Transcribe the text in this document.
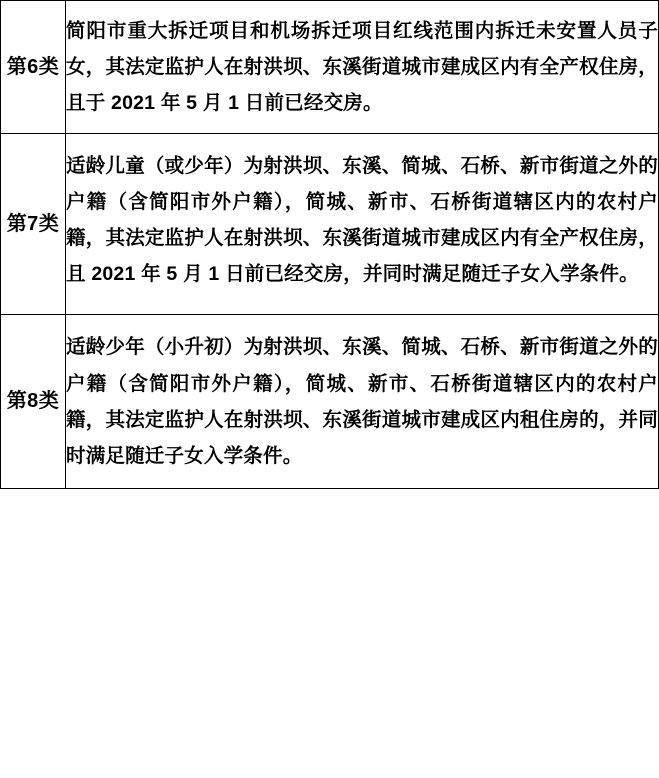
第6类	简阳市重大拆迁项目和机场拆迁项目红线范围内拆迁未安置人员子女，其法定监护人在射洪坝、东溪街道城市建成区内有全产权住房，且于 2021 年 5 月 1 日前已经交房。

第7类	适龄儿童（或少年）为射洪坝、东溪、简城、石桥、新市街道之外的户籍（含简阳市外户籍），简城、新市、石桥街道辖区内的农村户籍，其法定监护人在射洪坝、东溪街道城市建成区内有全产权住房，且 2021 年 5 月 1 日前已经交房，并同时满足随迁子女入学条件。

第8类	适龄少年（小升初）为射洪坝、东溪、简城、石桥、新市街道之外的户籍（含简阳市外户籍），简城、新市、石桥街道辖区内的农村户籍，其法定监护人在射洪坝、东溪街道城市建成区内租住房的，并同时满足随迁子女入学条件。
